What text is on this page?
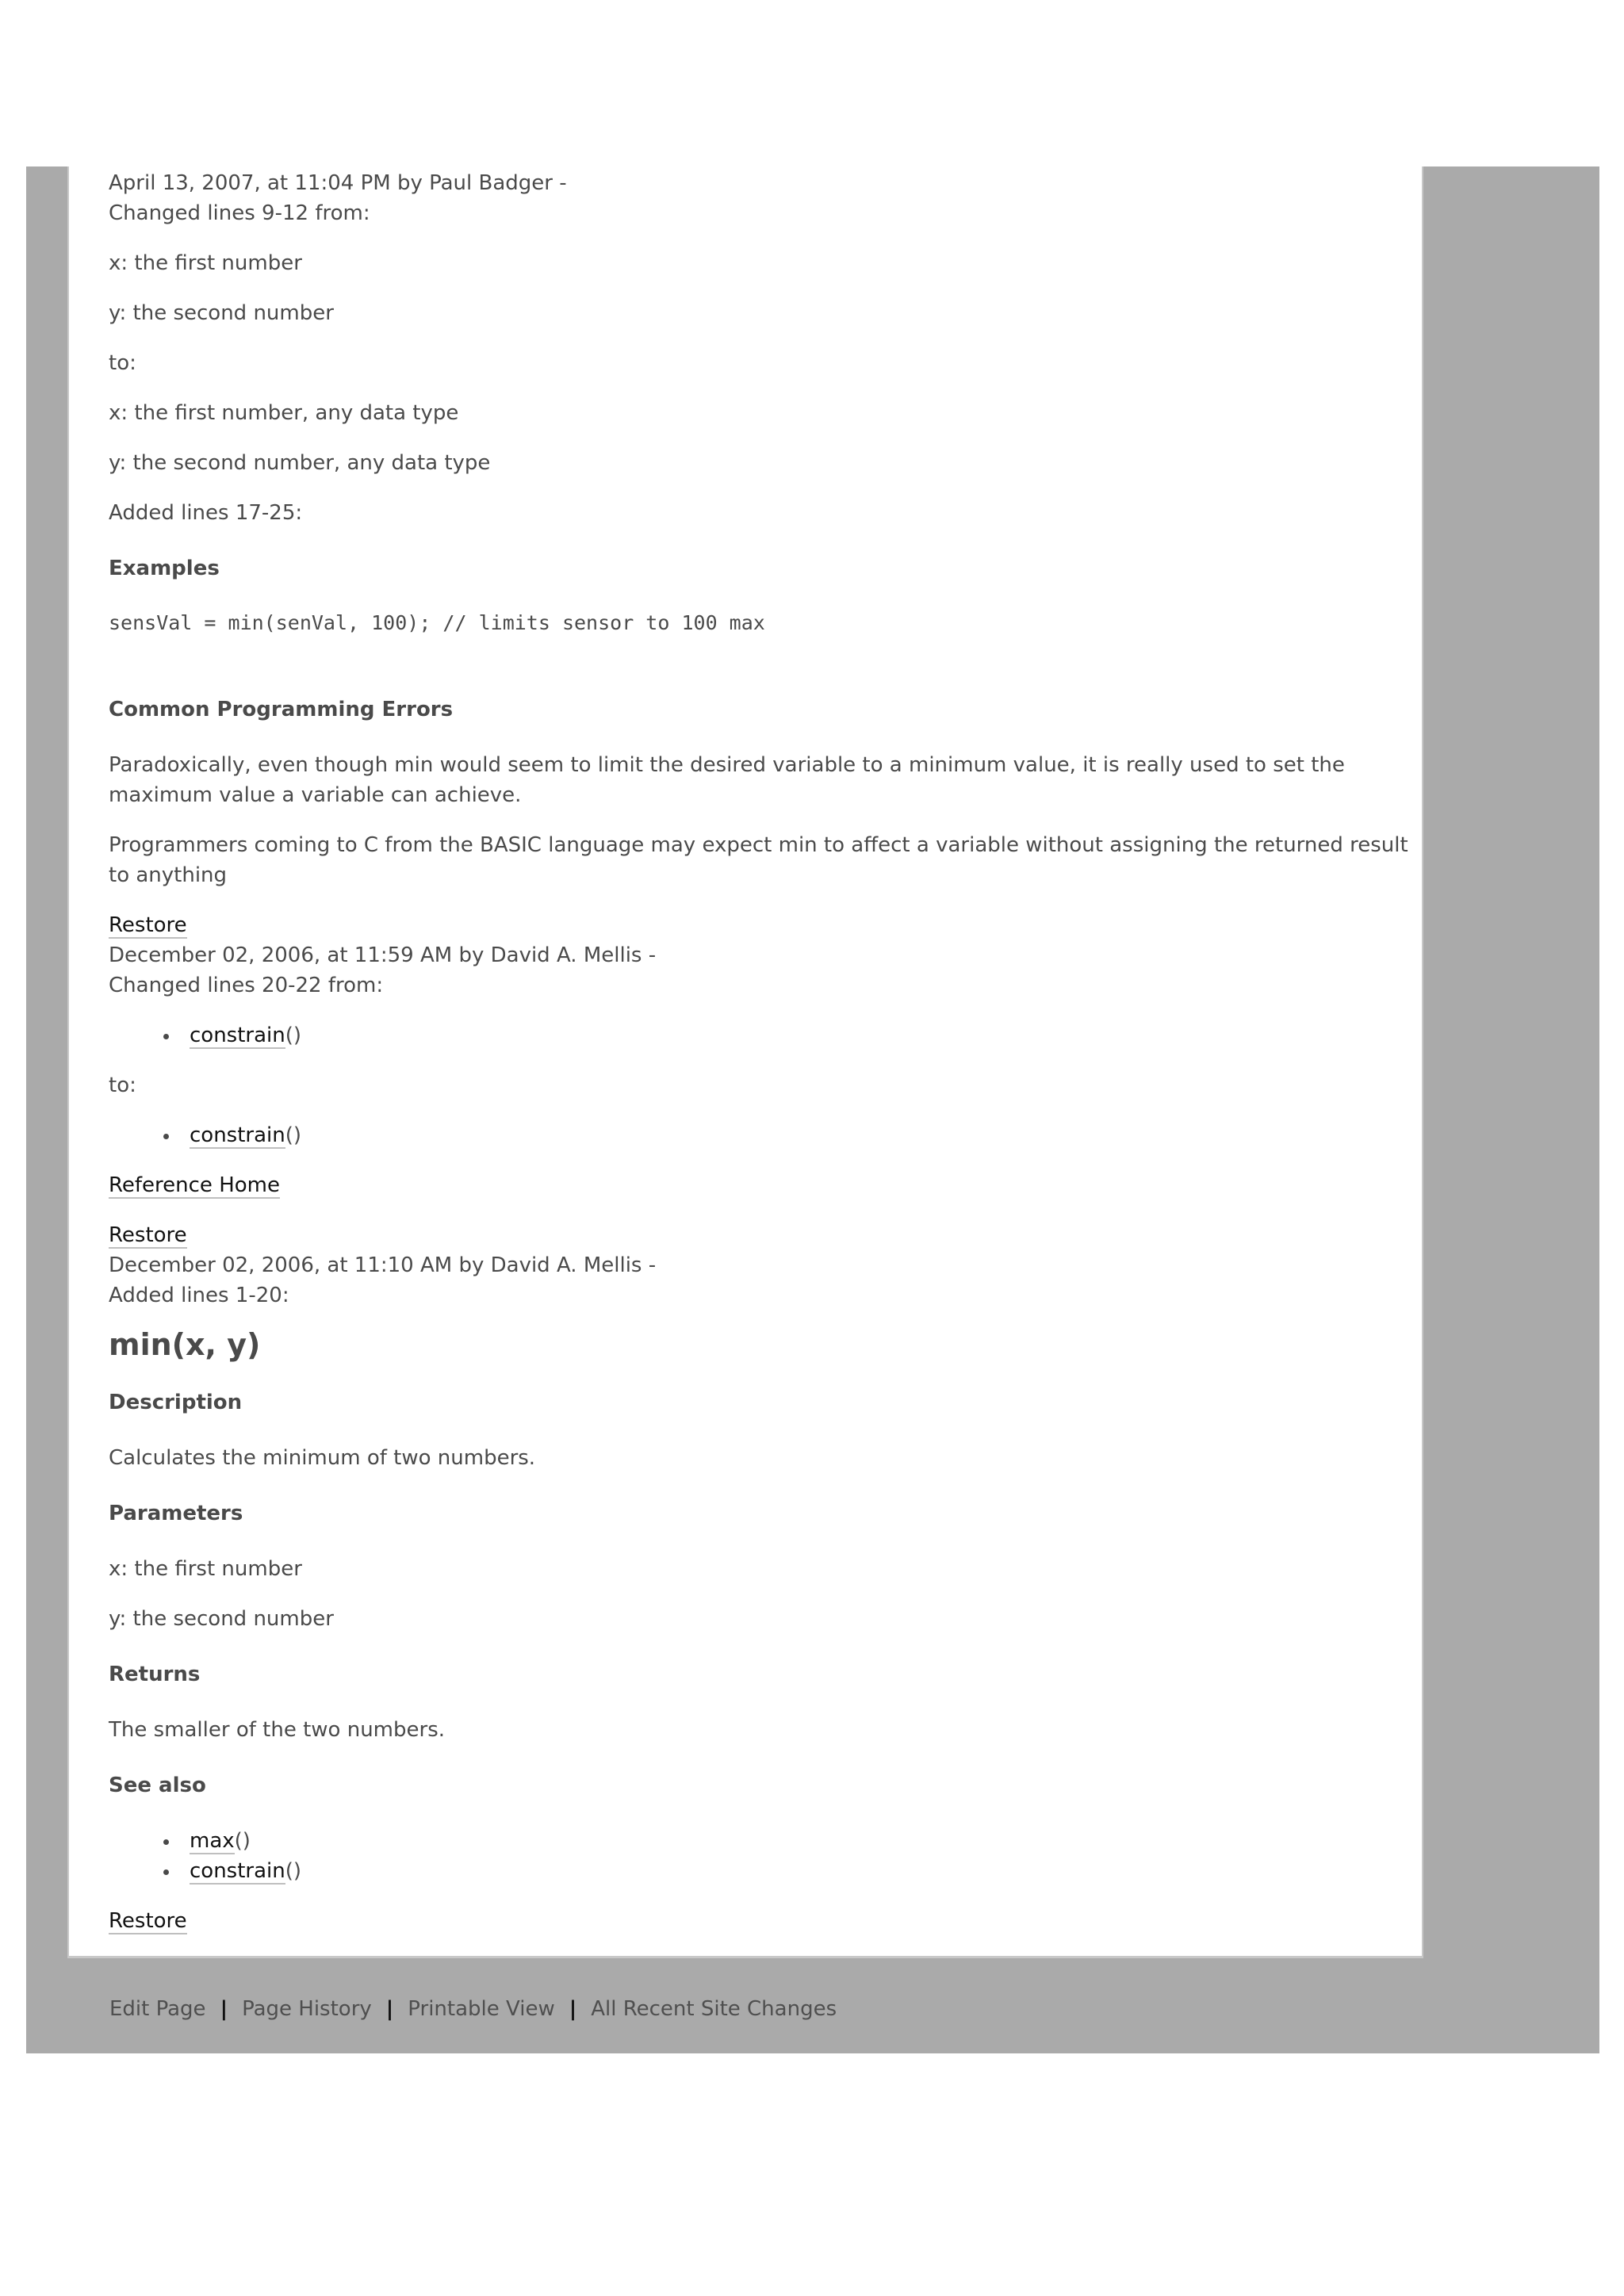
April 13, 2007, at 11:04 PM by Paul Badger -
Changed lines 9-12 from:
x: the first number
y: the second number
to:
x: the first number, any data type
y: the second number, any data type
Added lines 17-25:
Examples
sensVal = min(senVal, 100); // limits sensor to 100 max
Common Programming Errors
Paradoxically, even though min would seem to limit the desired variable to a minimum value, it is really used to set the maximum value a variable can achieve.
Programmers coming to C from the BASIC language may expect min to affect a variable without assigning the returned result to anything
Restore
December 02, 2006, at 11:59 AM by David A. Mellis -
Changed lines 20-22 from:
constrain()
to:
constrain()
Reference Home
Restore
December 02, 2006, at 11:10 AM by David A. Mellis -
Added lines 1-20:
min(x, y)
Description
Calculates the minimum of two numbers.
Parameters
x: the first number
y: the second number
Returns
The smaller of the two numbers.
See also
max()
constrain()
Restore
Edit Page | Page History | Printable View | All Recent Site Changes
